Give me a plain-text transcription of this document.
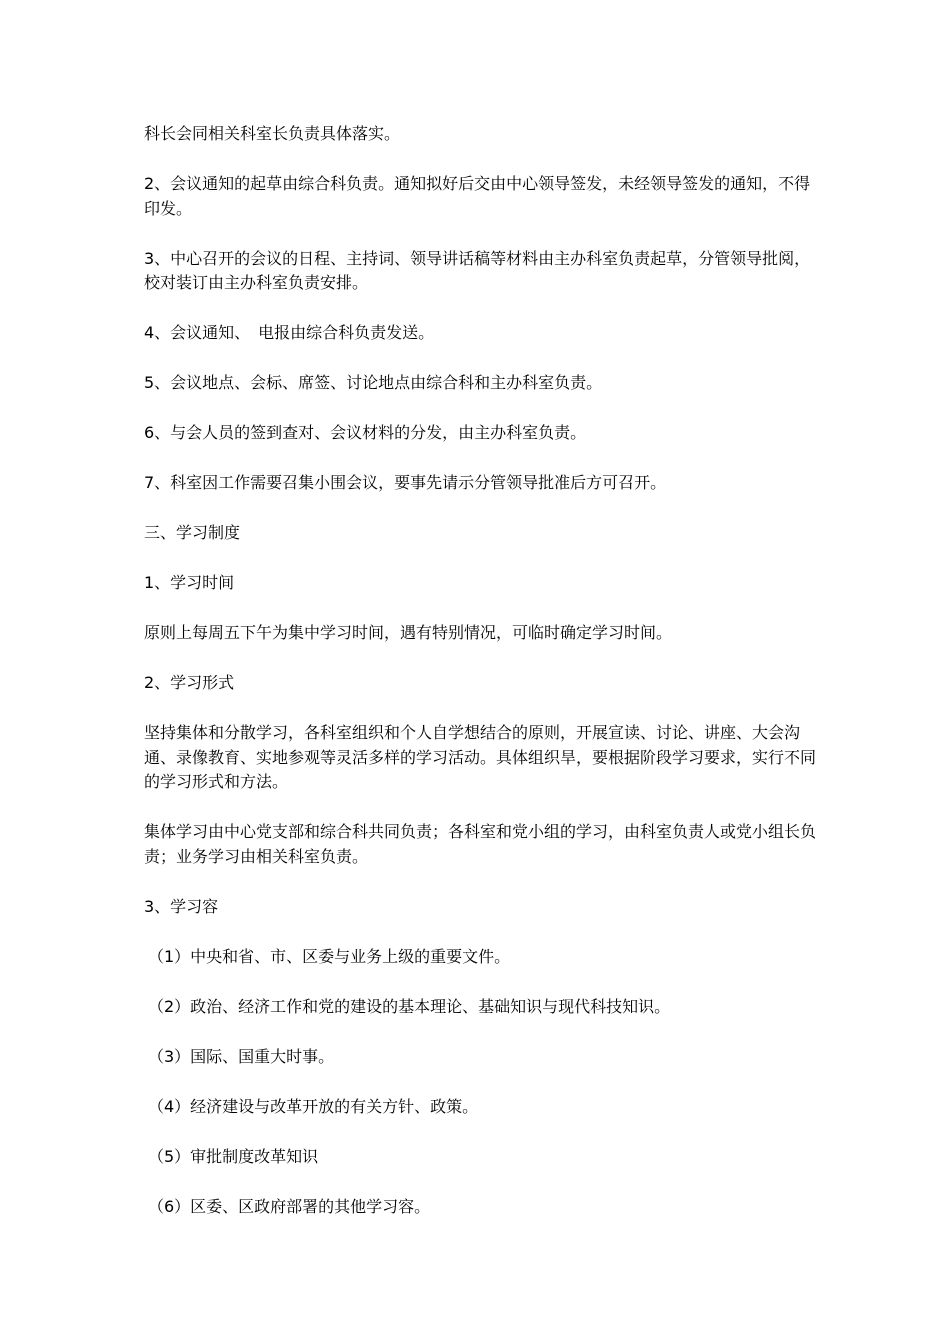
科长会同相关科室长负责具体落实。

2、会议通知的起草由综合科负责。通知拟好后交由中心领导签发，未经领导签发的通知，不得印发。

3、中心召开的会议的日程、主持词、领导讲话稿等材料由主办科室负责起草，分管领导批阅，校对装订由主办科室负责安排。

4、会议通知、　电报由综合科负责发送。

5、会议地点、会标、席签、讨论地点由综合科和主办科室负责。

6、与会人员的签到查对、会议材料的分发，由主办科室负责。

7、科室因工作需要召集小围会议，要事先请示分管领导批准后方可召开。

三、学习制度

1、学习时间

原则上每周五下午为集中学习时间，遇有特别情况，可临时确定学习时间。

2、学习形式

坚持集体和分散学习，各科室组织和个人自学想结合的原则，开展宣读、讨论、讲座、大会沟通、录像教育、实地参观等灵活多样的学习活动。具体组织旱，要根据阶段学习要求，实行不同的学习形式和方法。

集体学习由中心党支部和综合科共同负责；各科室和党小组的学习，由科室负责人或党小组长负责；业务学习由相关科室负责。

3、学习容

（1）中央和省、市、区委与业务上级的重要文件。

（2）政治、经济工作和党的建设的基本理论、基础知识与现代科技知识。

（3）国际、国重大时事。

（4）经济建设与改革开放的有关方针、政策。

（5）审批制度改革知识

（6）区委、区政府部署的其他学习容。
